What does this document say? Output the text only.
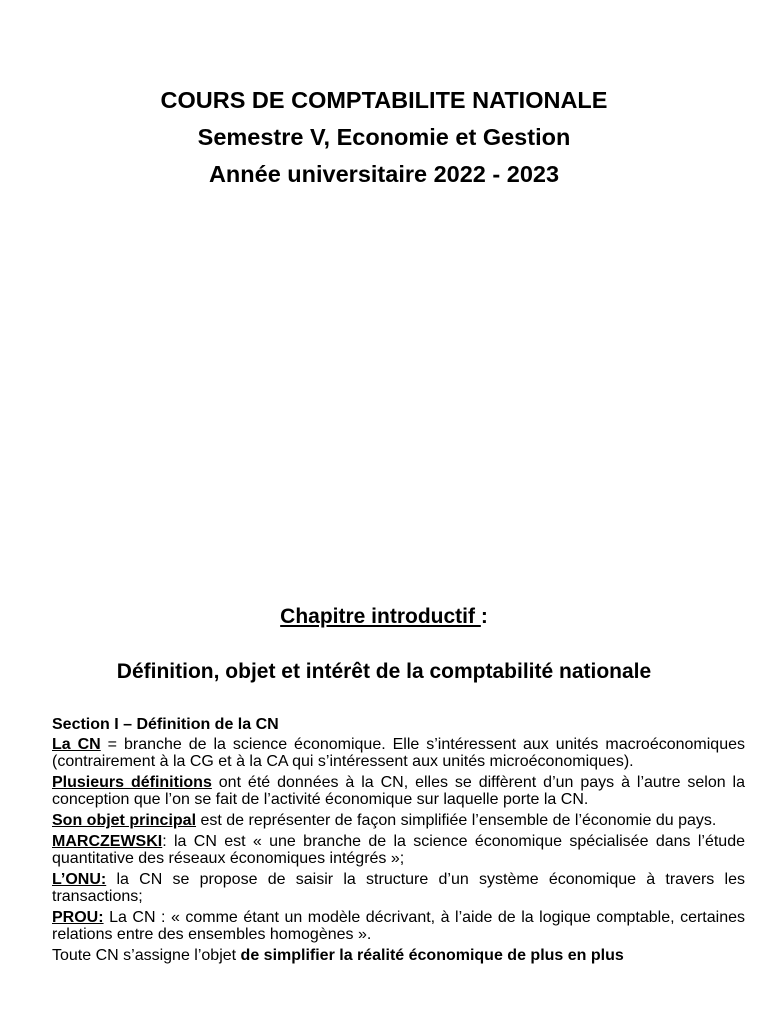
COURS DE COMPTABILITE NATIONALE
Semestre V, Economie et Gestion
Année universitaire 2022 - 2023
Chapitre introductif :
Définition, objet et intérêt de la comptabilité nationale
Section I – Définition de la CN
La CN = branche de la science économique. Elle s’intéressent aux unités macroéconomiques (contrairement à la CG et à la CA qui s’intéressent aux unités microéconomiques).
Plusieurs définitions ont été données à la CN, elles se diffèrent d’un pays à l’autre selon la conception que l’on se fait de l’activité économique sur laquelle porte la CN.
Son objet principal est de représenter de façon simplifiée l’ensemble de l’économie du pays.
MARCZEWSKI: la CN est « une branche de la science économique spécialisée dans l’étude quantitative des réseaux économiques intégrés »;
L’ONU: la CN se propose de saisir la structure d’un système économique à travers les transactions;
PROU: La CN : « comme étant un modèle décrivant, à l’aide de la logique comptable, certaines relations entre des ensembles homogènes ».
Toute CN s’assigne l’objet de simplifier la réalité économique de plus en plus
